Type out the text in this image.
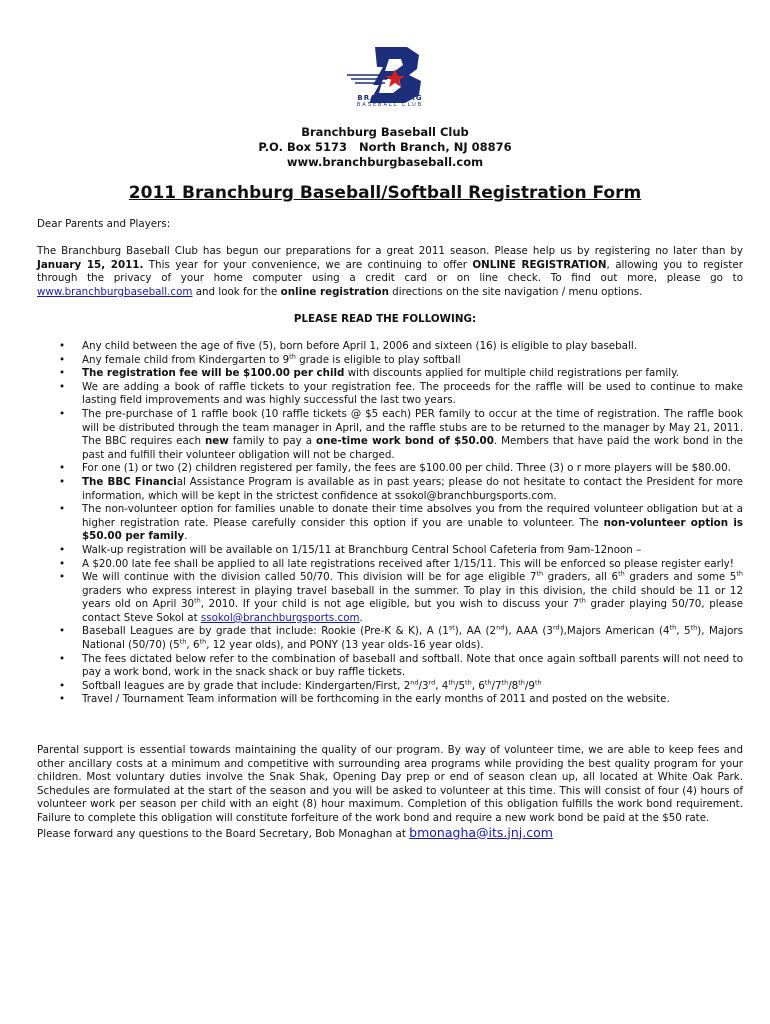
BRANCHBURG
BASEBALL CLUB
Branchburg Baseball Club
P.O. Box 5173   North Branch, NJ 08876
www.branchburgbaseball.com
2011 Branchburg Baseball/Softball Registration Form
Dear Parents and Players:
The Branchburg Baseball Club has begun our preparations for a great 2011 season. Please help us by registering no later than by January 15, 2011. This year for your convenience, we are continuing to offer ONLINE REGISTRATION, allowing you to register through the privacy of your home computer using a credit card or on line check. To find out more, please go to www.branchburgbaseball.com and look for the online registration directions on the site navigation / menu options.
PLEASE READ THE FOLLOWING:
• Any child between the age of five (5), born before April 1, 2006 and sixteen (16) is eligible to play baseball.
• Any female child from Kindergarten to 9th grade is eligible to play softball
• The registration fee will be $100.00 per child with discounts applied for multiple child registrations per family.
• We are adding a book of raffle tickets to your registration fee. The proceeds for the raffle will be used to continue to make lasting field improvements and was highly successful the last two years.
• The pre-purchase of 1 raffle book (10 raffle tickets @ $5 each) PER family to occur at the time of registration. The raffle book will be distributed through the team manager in April, and the raffle stubs are to be returned to the manager by May 21, 2011. The BBC requires each new family to pay a one-time work bond of $50.00. Members that have paid the work bond in the past and fulfill their volunteer obligation will not be charged.
• For one (1) or two (2) children registered per family, the fees are $100.00 per child. Three (3) o r more players will be $80.00.
• The BBC Financial Assistance Program is available as in past years; please do not hesitate to contact the President for more information, which will be kept in the strictest confidence at ssokol@branchburgsports.com.
• The non-volunteer option for families unable to donate their time absolves you from the required volunteer obligation but at a higher registration rate. Please carefully consider this option if you are unable to volunteer. The non-volunteer option is $50.00 per family.
• Walk-up registration will be available on 1/15/11 at Branchburg Central School Cafeteria from 9am-12noon –
• A $20.00 late fee shall be applied to all late registrations received after 1/15/11. This will be enforced so please register early!
• We will continue with the division called 50/70. This division will be for age eligible 7th graders, all 6th graders and some 5th graders who express interest in playing travel baseball in the summer. To play in this division, the child should be 11 or 12 years old on April 30th, 2010. If your child is not age eligible, but you wish to discuss your 7th grader playing 50/70, please contact Steve Sokol at ssokol@branchburgsports.com.
• Baseball Leagues are by grade that include: Rookie (Pre-K & K), A (1st), AA (2nd), AAA (3rd),Majors American (4th, 5th), Majors National (50/70) (5th, 6th, 12 year olds), and PONY (13 year olds-16 year olds).
• The fees dictated below refer to the combination of baseball and softball. Note that once again softball parents will not need to pay a work bond, work in the snack shack or buy raffle tickets.
• Softball leagues are by grade that include: Kindergarten/First, 2nd/3rd, 4th/5th, 6th/7th/8th/9th
• Travel / Tournament Team information will be forthcoming in the early months of 2011 and posted on the website.
Parental support is essential towards maintaining the quality of our program. By way of volunteer time, we are able to keep fees and other ancillary costs at a minimum and competitive with surrounding area programs while providing the best quality program for your children. Most voluntary duties involve the Snak Shak, Opening Day prep or end of season clean up, all located at White Oak Park. Schedules are formulated at the start of the season and you will be asked to volunteer at this time. This will consist of four (4) hours of volunteer work per season per child with an eight (8) hour maximum. Completion of this obligation fulfills the work bond requirement. Failure to complete this obligation will constitute forfeiture of the work bond and require a new work bond be paid at the $50 rate.
Please forward any questions to the Board Secretary, Bob Monaghan at bmonagha@its.jnj.com
